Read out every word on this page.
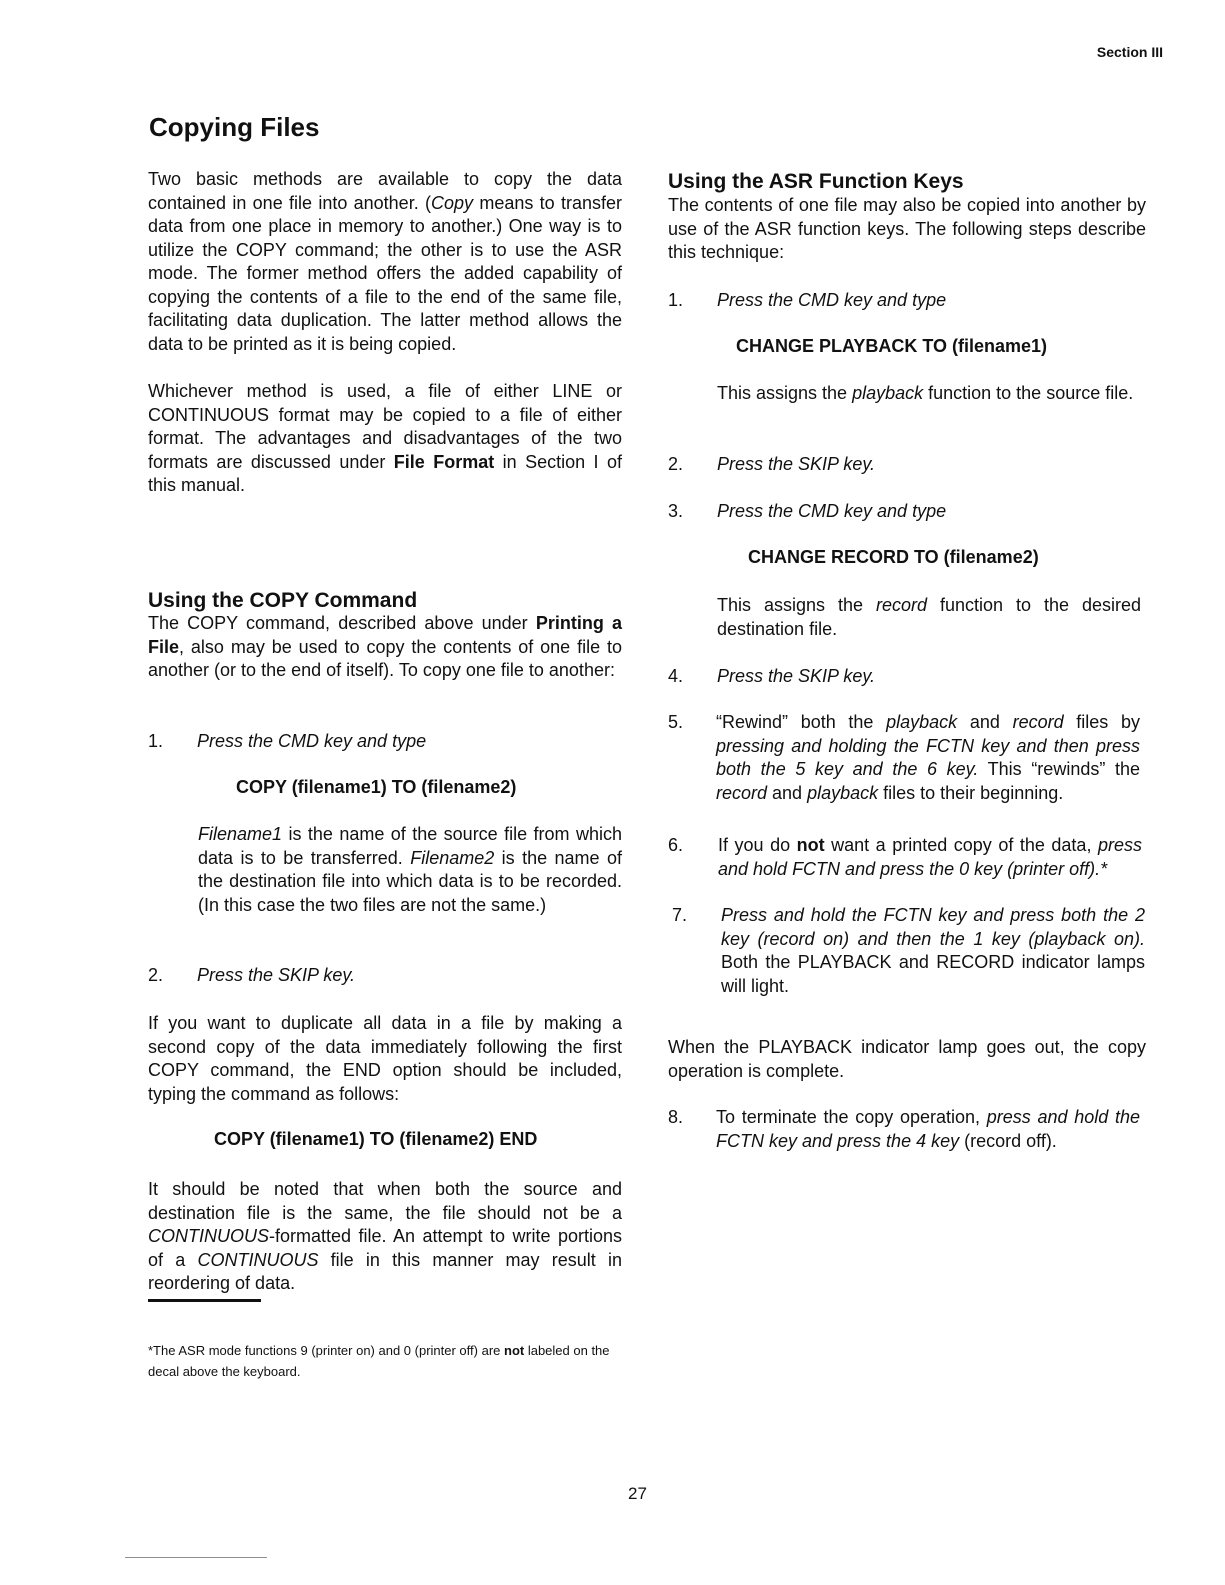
Section III
Copying Files

Two basic methods are available to copy the data contained in one file into another. (Copy means to transfer data from one place in memory to another.) One way is to utilize the COPY command; the other is to use the ASR mode. The former method offers the added capability of copying the contents of a file to the end of the same file, facilitating data duplication. The latter method allows the data to be printed as it is being copied.

Whichever method is used, a file of either LINE or CONTINUOUS format may be copied to a file of either format. The advantages and disadvantages of the two formats are discussed under File Format in Section I of this manual.

Using the COPY Command

The COPY command, described above under Printing a File, also may be used to copy the contents of one file to another (or to the end of itself). To copy one file to another:

1.	Press the CMD key and type
COPY (filename1) TO (filename2)

Filename1 is the name of the source file from which data is to be transferred. Filename2 is the name of the destination file into which data is to be recorded. (In this case the two files are not the same.)

2.	Press the SKIP key.

If you want to duplicate all data in a file by making a second copy of the data immediately following the first COPY command, the END option should be included, typing the command as follows:

COPY (filename1) TO (filename2) END

It should be noted that when both the source and destination file is the same, the file should not be a CONTINUOUS-formatted file. An attempt to write portions of a CONTINUOUS file in this manner may result in reordering of data.

*The ASR mode functions 9 (printer on) and 0 (printer off) are not labeled on the decal above the keyboard.

Using the ASR Function Keys

The contents of one file may also be copied into another by use of the ASR function keys. The following steps describe this technique:

1.	Press the CMD key and type
CHANGE PLAYBACK TO (filename1)

This assigns the playback function to the source file.

2.	Press the SKIP key.
3.	Press the CMD key and type
CHANGE RECORD TO (filename2)

This assigns the record function to the desired destination file.

4.	Press the SKIP key.
5. “Rewind” both the playback and record files by pressing and holding the FCTN key and then press both the 5 key and the 6 key. This “rewinds” the record and playback files to their beginning.

6. If you do not want a printed copy of the data, press and hold FCTN and press the 0 key (printer off).*

7. Press and hold the FCTN key and press both the 2 key (record on) and then the 1 key (playback on). Both the PLAYBACK and RECORD indicator lamps will light.

When the PLAYBACK indicator lamp goes out, the copy operation is complete.

8. To terminate the copy operation, press and hold the FCTN key and press the 4 key (record off).

27
